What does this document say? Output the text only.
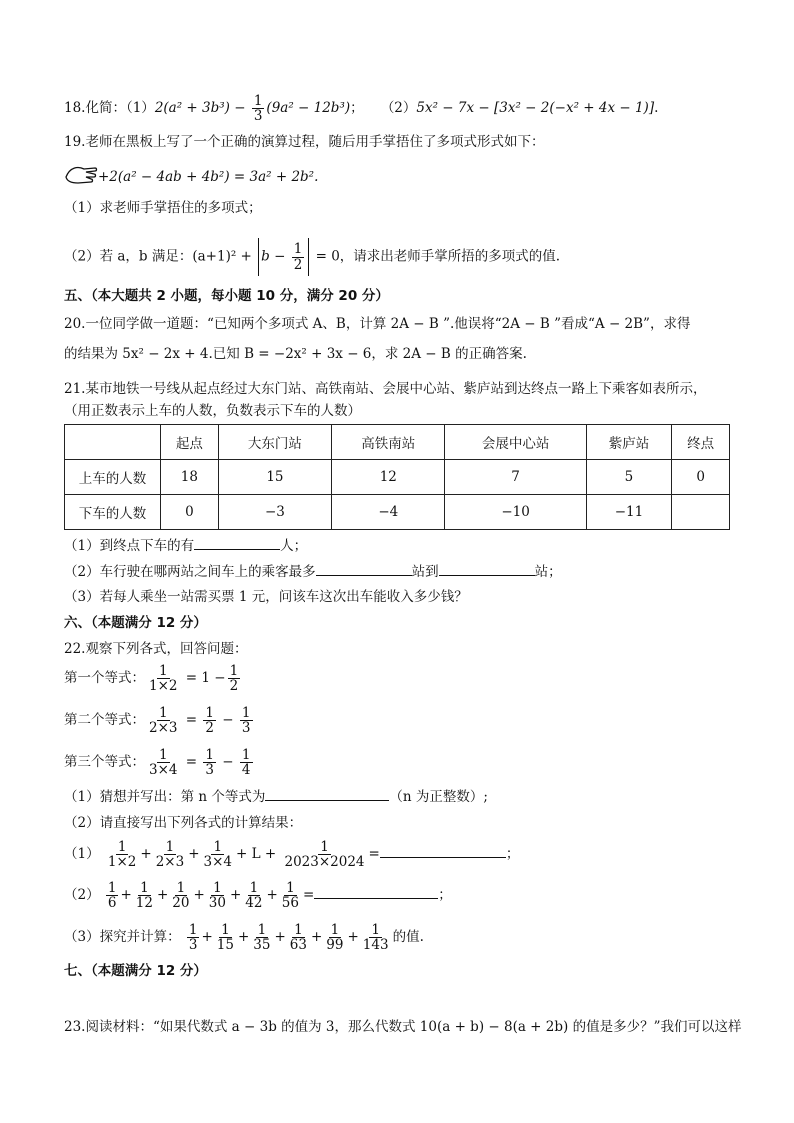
18.化简：$(1)2(a^2 + 3b^3) - \frac{1}{3} (9a^2 - 12b^3)$； （2）5x² − 7x − [3x² − 2(−x² + 4x − 1)].
19.老师在黑板上写了一个正确的演算过程，随后用手掌捂住了多项式形式如下：
+2(a² − 4ab + 4b²) = 3a² + 2b².
（1）求老师手掌捂住的多项式；
（2）若 a，b 满足：$(a+1)^2 + b - \frac{1}{2} = 0$，请求出老师手掌所捂的多项式的值.
五、（本大题共 2 小题，每小题 10 分，满分 20 分）
20.一位同学做一道题：“已知两个多项式 A、B，计算 2A − B ”.他误将“2A − B ”看成“A − 2B”，求得
的结果为 5x² − 2x + 4.已知 B = −2x² + 3x − 6，求 2A − B 的正确答案.
21.某市地铁一号线从起点经过大东门站、高铁南站、会展中心站、紫庐站到达终点一路上下乘客如表所示，
（用正数表示上车的人数，负数表示下车的人数）
	起点	大东门站	高铁南站	会展中心站	紫庐站	终点
上车的人数	18	15	12	7	5	0
下车的人数	0	−3	−4	−10	−11	
（1）到终点下车的有	人；
（2）车行驶在哪两站之间车上的乘客最多	站到	站；
（3）若每人乘坐一站需买票 1 元，问该车这次出车能收入多少钱？
六、（本题满分 12 分）
22.观察下列各式，回答问题：
第一个等式： $\frac{1}{1\times 2} = 1 - \frac{1}{2}$
第二个等式： $\frac{1}{2\times 3} = \frac{1}{2} - \frac{1}{3}$
第三个等式： $\frac{1}{3\times 4} = \frac{1}{3} - \frac{1}{4}$
（1）猜想并写出：第 n 个等式为	（n 为正整数）;
（2）请直接写出下列各式的计算结果：
$(1) \frac{1}{1\times 2} + \frac{1}{2\times 3} + \frac{1}{3\times 4} + L + \frac{1}{2023\times 2024}$ =	；
$(2) \frac{1}{6} + \frac{1}{12} + \frac{1}{20} + \frac{1}{30} + \frac{1}{42} + \frac{1}{56}$ =	；
（3）探究并计算： $\frac{1}{3} + \frac{1}{15} + \frac{1}{35} + \frac{1}{63} + \frac{1}{99} + \frac{1}{143}$ 的值.
七、（本题满分 12 分）
23.阅读材料：“如果代数式 a − 3b 的值为 3，那么代数式 10(a + b) − 8(a + 2b) 的值是多少？”我们可以这样
